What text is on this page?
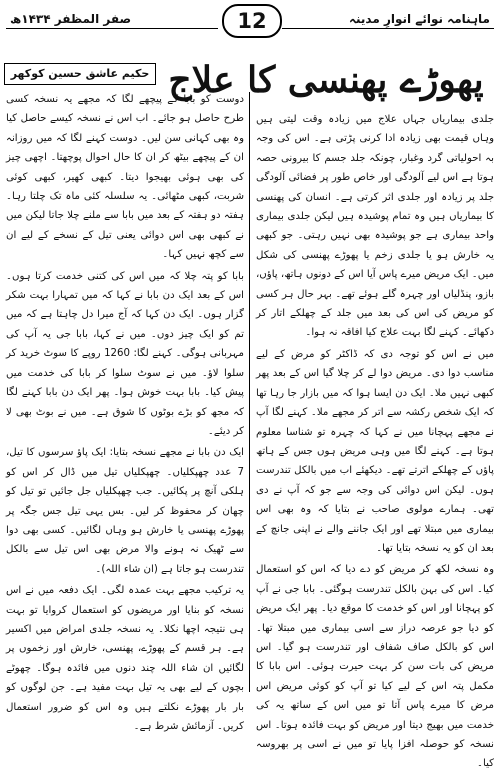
ماہنامہ نوائے انوارِ مدینہ
12
صفر المظفر ۱۴۳۴ھ
پھوڑے پھنسی کا علاج
حکیم عاشق حسین کوکھر

جلدی بیماریاں جہاں علاج میں زیادہ وقت لیتی ہیں وہاں قیمت بھی زیادہ ادا کرنی پڑتی ہے۔ اس کی وجہ بہ احولیاتی گرد وغبار، چونکہ جلد جسم کا بیرونی حصہ ہوتا ہے اس لیے آلودگی اور خاص طور پر فضائی آلودگی جلد پر زیادہ اور جلدی اثر کرتی ہے۔ انسان کی پھنسی کا بیماریاں ہیں وہ تمام پوشیدہ ہیں لیکن جلدی بیماری واحد بیماری ہے جو پوشیدہ بھی نہیں رہتی۔ جو کبھی یہ خارش ہو یا جلدی زخم یا پھوڑے پھنسی کی شکل میں۔ ایک مریض میرے پاس آیا اس کے دونوں ہاتھ، پاؤں، بازو، پنڈلیاں اور چہرہ گلے ہوئے تھے۔ بہر حال ہر کسی کو مریض کی اس کی بعد میں جلد کے چھلکے اتار کر دکھائے۔ کہنے لگا بہت علاج کیا افاقہ نہ ہوا۔

میں نے اس کو توجہ دی کہ ڈاکٹر کو مرض کے لیے مناسب دوا دی۔ مریض دوا لے کر چلا گیا اس کے بعد پھر کبھی نہیں ملا۔ ایک دن ایسا ہوا کہ میں بازار جا رہا تھا کہ ایک شخص رکشہ سے اتر کر مجھے ملا۔ کہنے لگا آپ نے مجھے پہچانا میں نے کہا کہ چہرہ تو شناسا معلوم ہوتا ہے۔ کہنے لگا میں وہی مریض ہوں جس کے ہاتھ پاؤں کے چھلکے اترتے تھے۔ دیکھئے اب میں بالکل تندرست ہوں۔ لیکن اس دوائی کی وجہ سے جو کہ آپ نے دی تھی۔ ہمارے مولوی صاحب نے بتایا کہ وہ بھی اس بیماری میں مبتلا تھے اور ایک جاننے والے نے اپنی جانچ کے بعد ان کو یہ نسخہ بتایا تھا۔

وہ نسخہ لکھ کر مریض کو دے دیا کہ اس کو استعمال کیا۔ اس کی بہن بالکل تندرست ہوگئی۔ بابا جی نے آپ کو پہچانا اور اس کو خدمت کا موقع دیا۔ پھر ایک مریض کو دیا جو عرصہ دراز سے اسی بیماری میں مبتلا تھا۔ اس کو بالکل صاف شفاف اور تندرست ہو گیا۔ اس مریض کی بات سن کر بہت حیرت ہوئی۔ اس بابا کا مکمل پتہ اس کے لیے کیا تو آپ کو کوئی مریض اس مرض کا میرے پاس آتا تو میں اس کے ساتھ یہ کی خدمت میں بھیج دیتا اور مریض کو بہت فائدہ ہوتا۔ اس نسخہ کو حوصلہ افزا پایا تو میں نے اسی پر بھروسہ کیا۔

دوست کو بابا کے پیچھے لگا کہ مجھے یہ نسخہ کسی طرح حاصل ہو جائے۔ اب اس نے نسخہ کیسے حاصل کیا وہ بھی کہانی سن لیں۔ دوست کہنے لگا کہ میں روزانہ ان کے پیچھے بیٹھ کر ان کا حال احوال پوچھتا۔ اچھی چیز کی بھی ہوئی بھیجوا دیتا۔ کبھی کھیر، کبھی کوئی شربت، کبھی مٹھائی۔ یہ سلسلہ کئی ماہ تک چلتا رہا۔ ہفتہ دو ہفتہ کے بعد میں بابا سے ملنے چلا جاتا لیکن میں نے کبھی بھی اس دوائی یعنی تیل کے نسخے کے لیے ان سے کچھ نہیں کہا۔

بابا کو پتہ چلا کہ میں اس کی کتنی خدمت کرتا ہوں۔ اس کے بعد ایک دن بابا نے کہا کہ میں تمہارا بہت شکر گزار ہوں۔ ایک دن کہا کہ آج میرا دل چاہتا ہے کہ میں تم کو ایک چیز دوں۔ میں نے کہا، بابا جی یہ آپ کی مہربانی ہوگی۔ کہنے لگا: 1260 روپے کا سوٹ خرید کر سلوا لاؤ۔ میں نے سوٹ سلوا کر بابا کی خدمت میں پیش کیا۔ بابا بہت خوش ہوا۔ پھر ایک دن بابا کہنے لگا کہ مجھ کو بڑے بوٹوں کا شوق ہے۔ میں نے بوٹ بھی لا کر دیئے۔

ایک دن بابا نے مجھے نسخہ بتایا: ایک پاؤ سرسوں کا تیل، 7 عدد چھپکلیاں۔ چھپکلیاں تیل میں ڈال کر اس کو ہلکی آنچ پر پکائیں۔ جب چھپکلیاں جل جائیں تو تیل کو چھان کر محفوظ کر لیں۔ بس یہی تیل جس جگہ پر پھوڑے پھنسی یا خارش ہو وہاں لگائیں۔ کسی بھی دوا سے ٹھیک نہ ہونے والا مرض بھی اس تیل سے بالکل تندرست ہو جاتا ہے (ان شاء اللہ)۔

یہ ترکیب مجھے بہت عمدہ لگی۔ ایک دفعہ میں نے اس نسخہ کو بنایا اور مریضوں کو استعمال کروایا تو بہت ہی نتیجہ اچھا نکلا۔ یہ نسخہ جلدی امراض میں اکسیر ہے۔ ہر قسم کے پھوڑے، پھنسی، خارش اور زخموں پر لگائیں ان شاء اللہ چند دنوں میں فائدہ ہوگا۔ چھوٹے بچوں کے لیے بھی یہ تیل بہت مفید ہے۔ جن لوگوں کو بار بار پھوڑے نکلتے ہیں وہ اس کو ضرور استعمال کریں۔ آزمائش شرط ہے۔
